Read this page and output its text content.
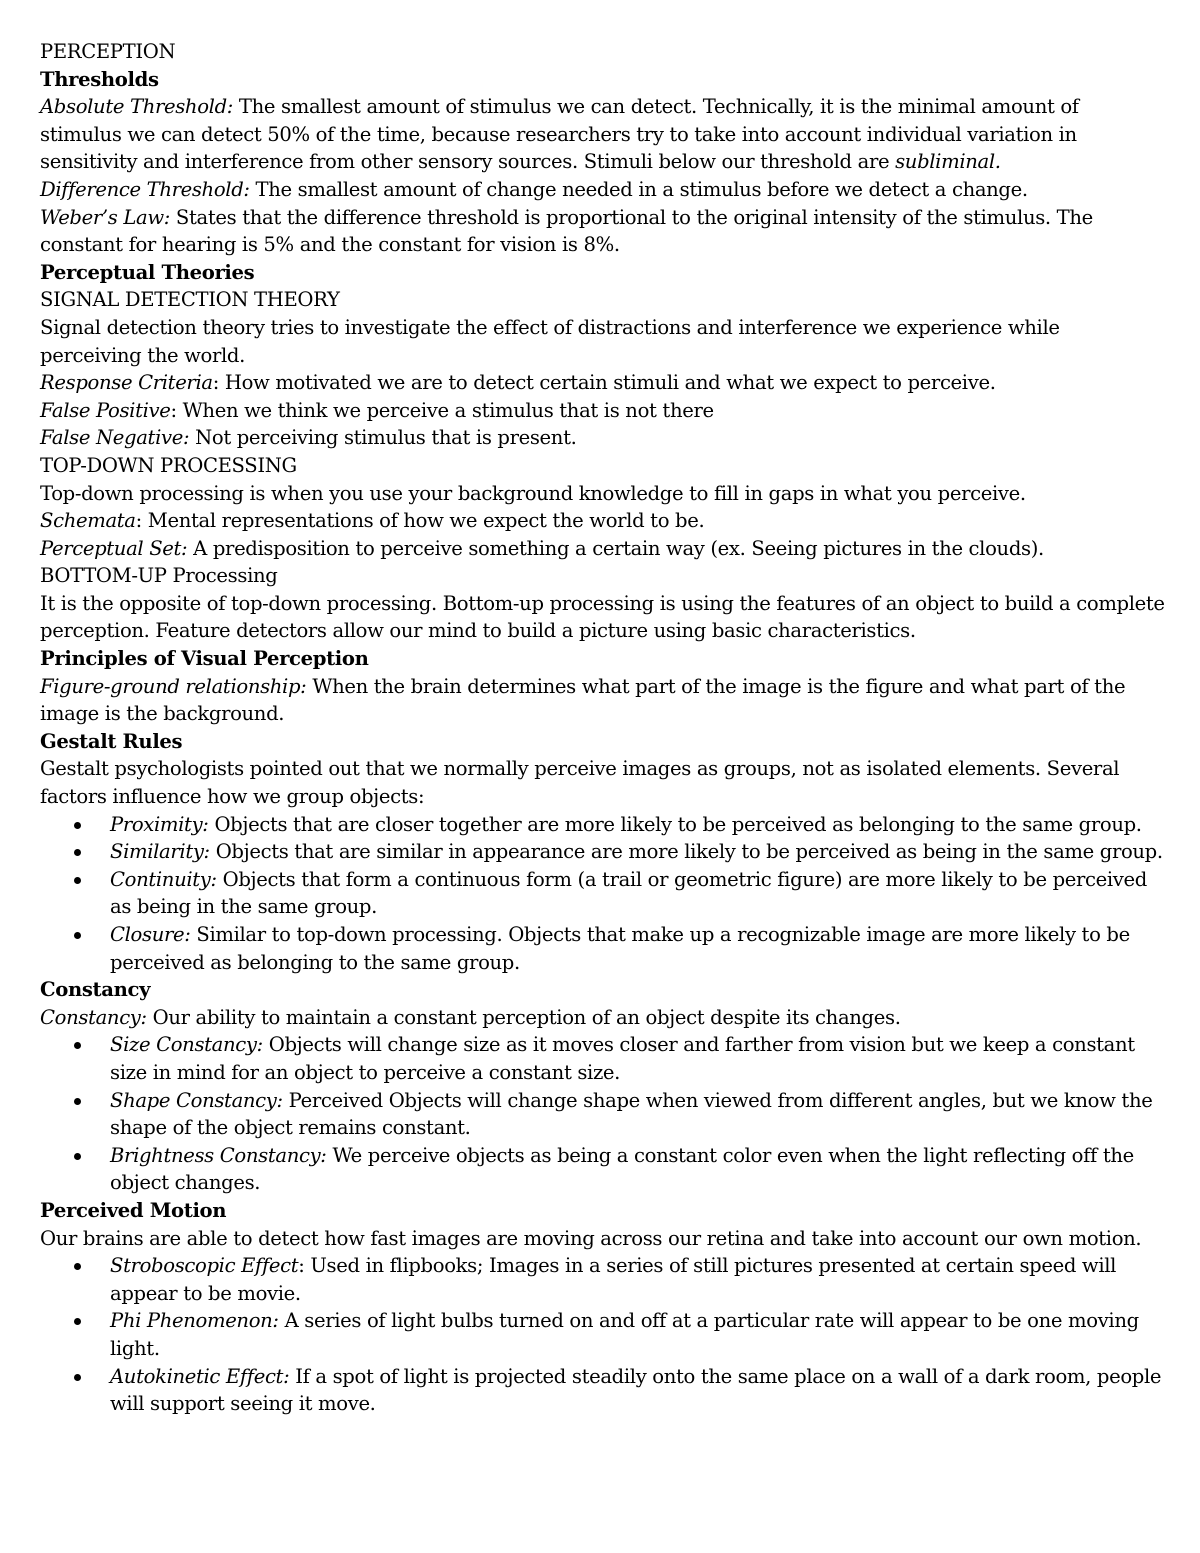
PERCEPTION

Thresholds

Absolute Threshold: The smallest amount of stimulus we can detect. Technically, it is the minimal amount of stimulus we can detect 50% of the time, because researchers try to take into account individual variation in sensitivity and interference from other sensory sources. Stimuli below our threshold are subliminal.

Difference Threshold: The smallest amount of change needed in a stimulus before we detect a change.

Weber’s Law: States that the difference threshold is proportional to the original intensity of the stimulus. The constant for hearing is 5% and the constant for vision is 8%.

Perceptual Theories

SIGNAL DETECTION THEORY

Signal detection theory tries to investigate the effect of distractions and interference we experience while perceiving the world.

Response Criteria: How motivated we are to detect certain stimuli and what we expect to perceive.

False Positive: When we think we perceive a stimulus that is not there

False Negative: Not perceiving stimulus that is present.

TOP-DOWN PROCESSING

Top-down processing is when you use your background knowledge to fill in gaps in what you perceive.

Schemata: Mental representations of how we expect the world to be.

Perceptual Set: A predisposition to perceive something a certain way (ex. Seeing pictures in the clouds).

BOTTOM-UP Processing

It is the opposite of top-down processing. Bottom-up processing is using the features of an object to build a complete perception. Feature detectors allow our mind to build a picture using basic characteristics.

Principles of Visual Perception

Figure-ground relationship: When the brain determines what part of the image is the figure and what part of the image is the background.

Gestalt Rules

Gestalt psychologists pointed out that we normally perceive images as groups, not as isolated elements. Several factors influence how we group objects:

Proximity: Objects that are closer together are more likely to be perceived as belonging to the same group.
Similarity: Objects that are similar in appearance are more likely to be perceived as being in the same group.
Continuity: Objects that form a continuous form (a trail or geometric figure) are more likely to be perceived as being in the same group.
Closure: Similar to top-down processing. Objects that make up a recognizable image are more likely to be perceived as belonging to the same group.

Constancy

Constancy: Our ability to maintain a constant perception of an object despite its changes.

Size Constancy: Objects will change size as it moves closer and farther from vision but we keep a constant size in mind for an object to perceive a constant size.
Shape Constancy: Perceived Objects will change shape when viewed from different angles, but we know the shape of the object remains constant.
Brightness Constancy: We perceive objects as being a constant color even when the light reflecting off the object changes.

Perceived Motion

Our brains are able to detect how fast images are moving across our retina and take into account our own motion.

Stroboscopic Effect: Used in flipbooks; Images in a series of still pictures presented at certain speed will appear to be movie.
Phi Phenomenon: A series of light bulbs turned on and off at a particular rate will appear to be one moving light.
Autokinetic Effect: If a spot of light is projected steadily onto the same place on a wall of a dark room, people will support seeing it move.
